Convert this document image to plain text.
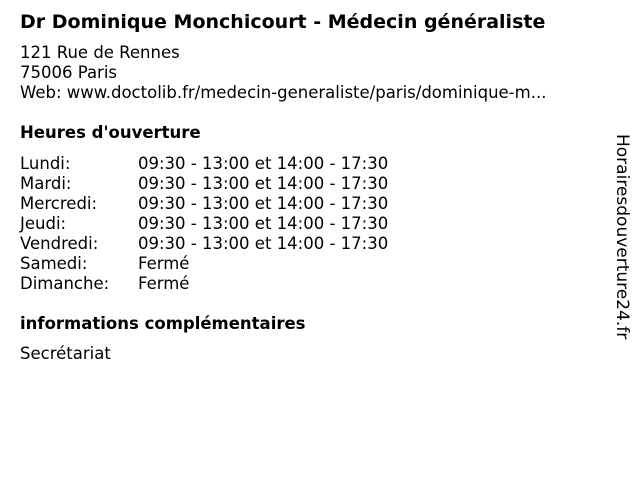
Dr Dominique Monchicourt - Médecin généraliste
121 Rue de Rennes
75006 Paris
Web: www.doctolib.fr/medecin-generaliste/paris/dominique-m...
Heures d'ouverture
Lundi:	09:30 - 13:00 et 14:00 - 17:30
Mardi:	09:30 - 13:00 et 14:00 - 17:30
Mercredi: 09:30 - 13:00 et 14:00 - 17:30
Jeudi:	09:30 - 13:00 et 14:00 - 17:30
Vendredi: 09:30 - 13:00 et 14:00 - 17:30
Samedi:	Fermé
Dimanche: Fermé
informations complémentaires
Secrétariat
Horairesdouverture24.fr
